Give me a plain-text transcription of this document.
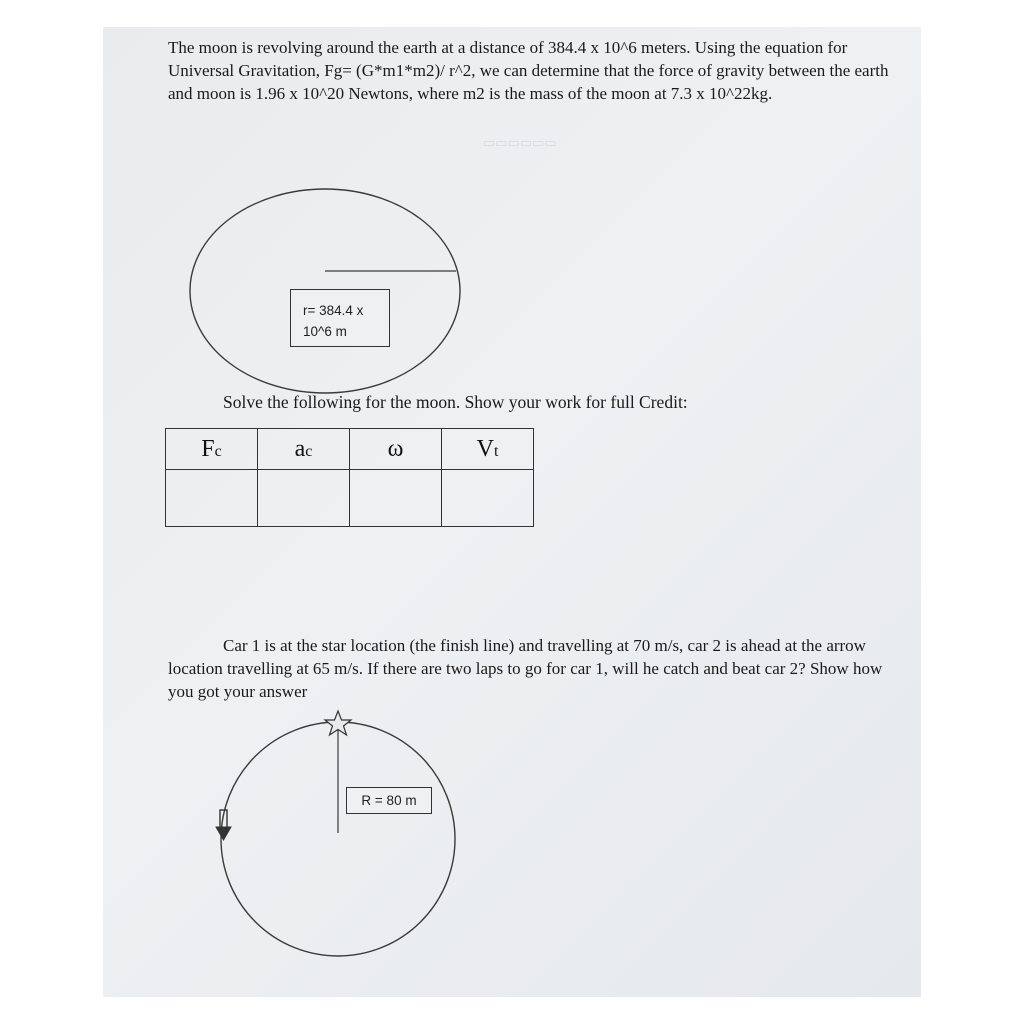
The moon is revolving around the earth at a distance of 384.4 x 10^6 meters. Using the equation for Universal Gravitation, Fg= (G*m1*m2)/ r^2, we can determine that the force of gravity between the earth and moon is 1.96 x 10^20 Newtons, where m2 is the mass of the moon at 7.3 x 10^22kg.

▭▭▭▭▭▭
r= 384.4 x
10^6 m
Solve the following for the moon. Show your work for full Credit:
Fc	ac	ω	Vt

Car 1 is at the star location (the finish line) and travelling at 70 m/s, car 2 is ahead at the arrow location travelling at 65 m/s. If there are two laps to go for car 1, will he catch and beat car 2? Show how you got your answer

R = 80 m
